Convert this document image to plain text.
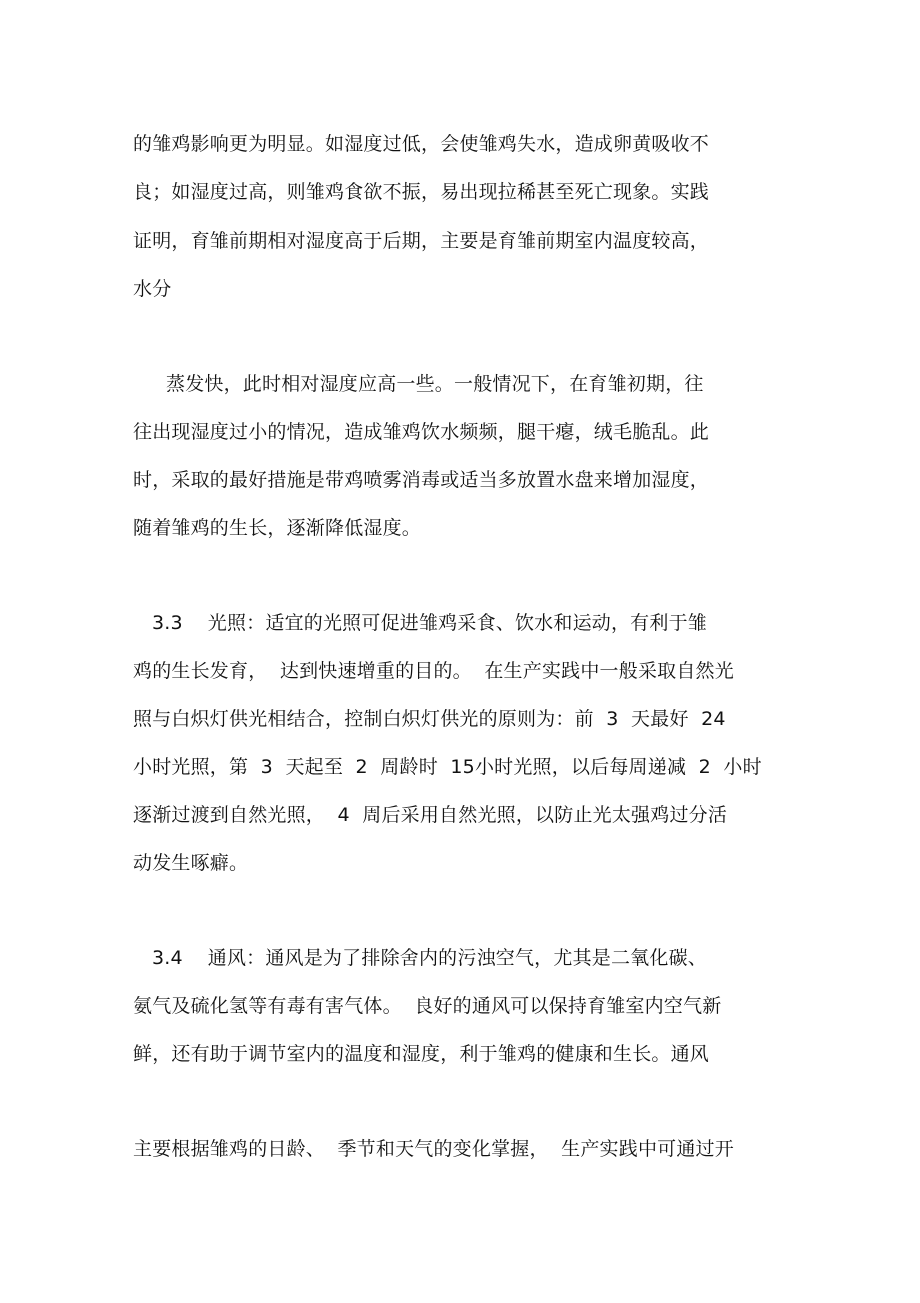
的雏鸡影响更为明显。如湿度过低，会使雏鸡失水，造成卵黄吸收不
良；如湿度过高，则雏鸡食欲不振，易出现拉稀甚至死亡现象。实践
证明，育雏前期相对湿度高于后期，主要是育雏前期室内温度较高，
水分
蒸发快，此时相对湿度应高一些。一般情况下，在育雏初期，往
往出现湿度过小的情况，造成雏鸡饮水频频，腿干瘪，绒毛脆乱。此
时，采取的最好措施是带鸡喷雾消毒或适当多放置水盘来增加湿度，
随着雏鸡的生长，逐渐降低湿度。
3.3    光照：适宜的光照可促进雏鸡采食、饮水和运动，有利于雏
鸡的生长发育，  达到快速增重的目的。  在生产实践中一般采取自然光
照与白炽灯供光相结合，控制白炽灯供光的原则为：前  3  天最好  24
小时光照，第  3  天起至  2  周龄时  15小时光照，以后每周递减  2  小时
逐渐过渡到自然光照，  4  周后采用自然光照，以防止光太强鸡过分活
动发生啄癖。
3.4    通风：通风是为了排除舍内的污浊空气，尤其是二氧化碳、
氨气及硫化氢等有毒有害气体。  良好的通风可以保持育雏室内空气新
鲜，还有助于调节室内的温度和湿度，利于雏鸡的健康和生长。通风
主要根据雏鸡的日龄、  季节和天气的变化掌握，  生产实践中可通过开
